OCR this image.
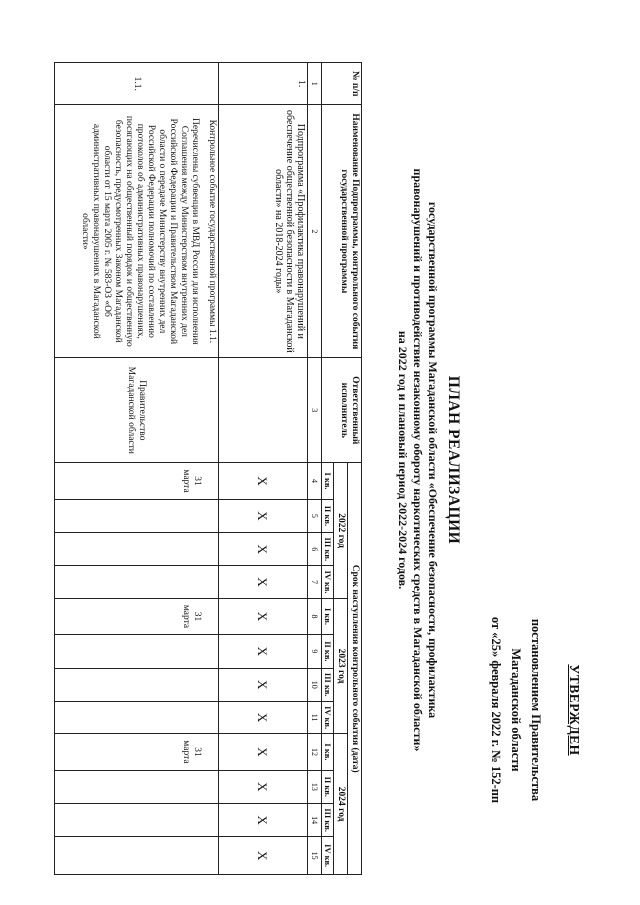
УТВЕРЖДЕН
постановлением Правительства
Магаданской области
от «25» февраля 2022 г. № 152-пп
ПЛАН РЕАЛИЗАЦИИ
государственной программы Магаданской области «Обеспечение безопасности, профилактика
правонарушений и противодействие незаконному обороту наркотических средств в Магаданской области»
на 2022 год и плановый период 2022-2024 годов.
№ п/п	Наименование Подпрограммы, контрольного события государственной программы	Ответственный исполнитель	Срок наступления контрольного события (дата)											
			2022 год				2023 год				2024 год			
			I кв.	II кв.	III кв.	IV кв.	I кв.	II кв.	III кв.	IV кв.	I кв.	II кв.	III кв.	IV кв.
1	2	3	4	5	6	7	8	9	10	11	12	13	14	15
1.	Подпрограмма «Профилактика правонарушений и обеспечение общественной безопасности в Магаданской области» на 2018-2024 годы»		X	X	X	X	X	X	X	X	X	X	X	X
1.1.	Контрольное событие государственной программы 1.1.
Перечислены субвенции в МВД России для исполнения Соглашения между Министерством внутренних дел Российской Федерации и Правительством Магаданской области о передаче Министерству внутренних дел Российской Федерации полномочий по составлению протоколов об административных правонарушениях, посягающих на общественный порядок и общественную безопасность, предусмотренных Законом Магаданской области от 15 марта 2005 г. № 583-ОЗ «Об административных правонарушениях в Магаданской области»	Правительство Магаданской области	31 марта				31 марта				31 марта			
